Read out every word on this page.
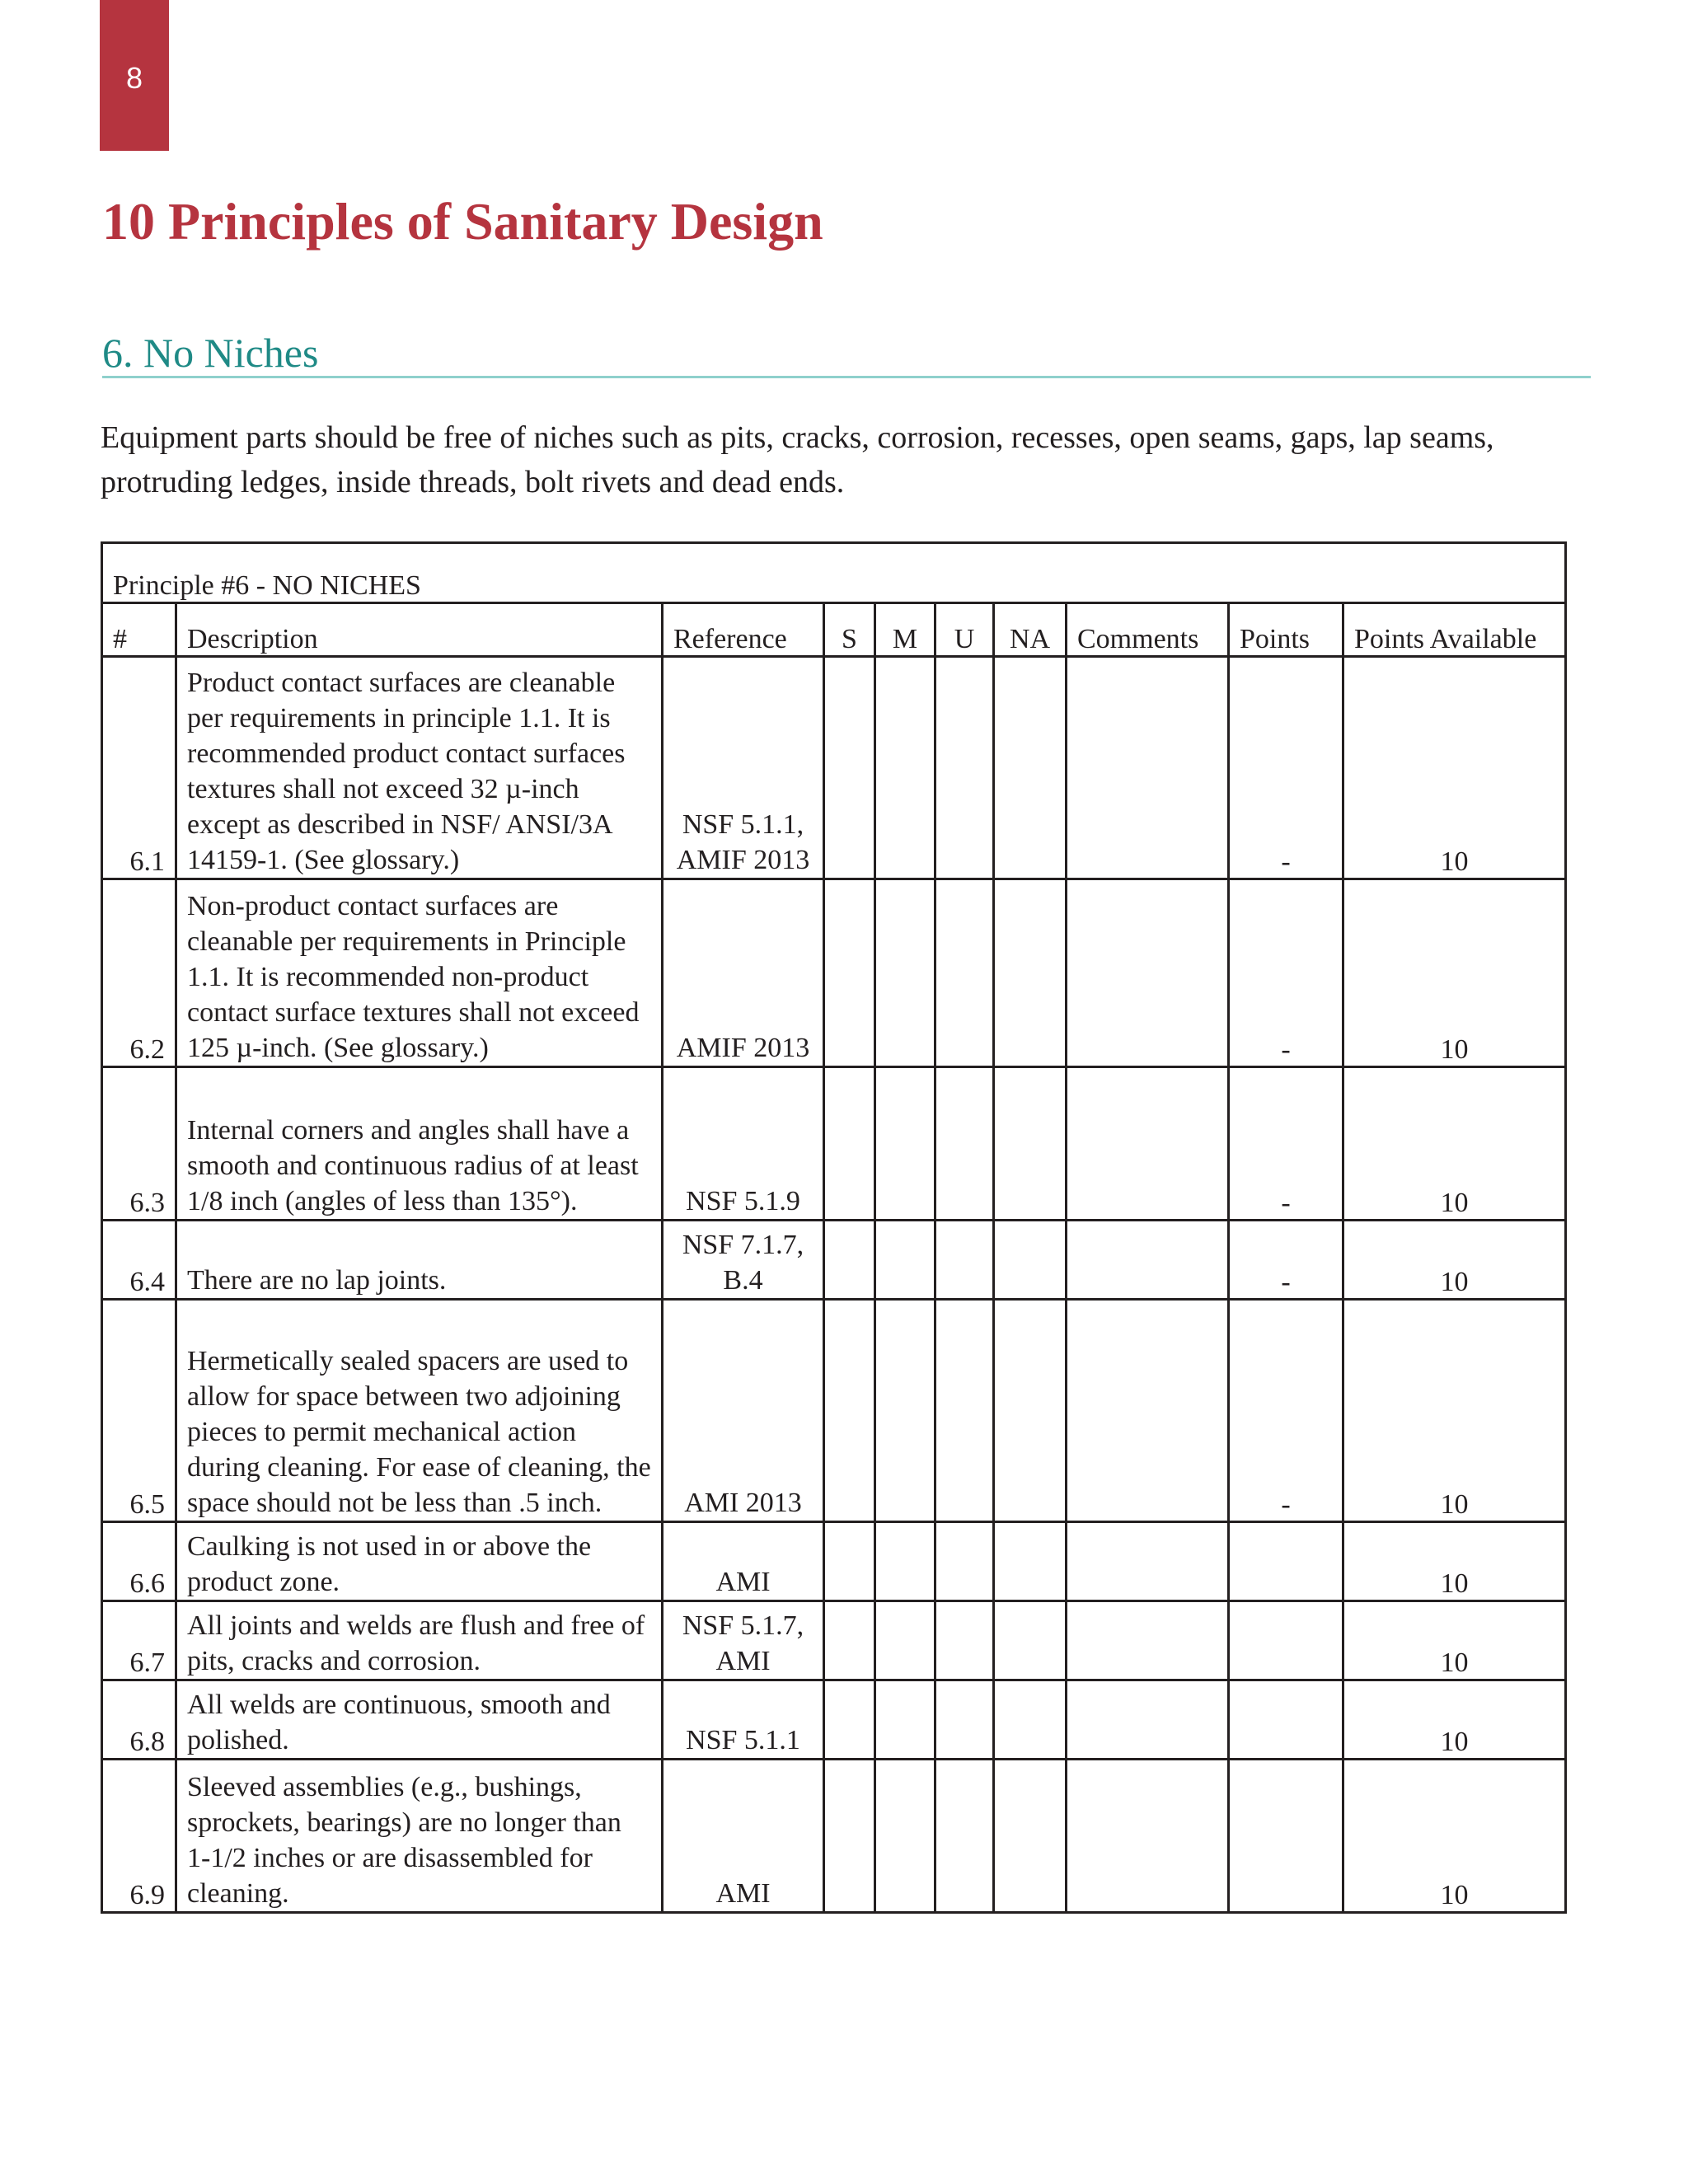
8
10 Principles of Sanitary Design
6. No Niches

Equipment parts should be free of niches such as pits, cracks, corrosion, recesses, open seams, gaps, lap seams, protruding ledges, inside threads, bolt rivets and dead ends.

Principle #6 - NO NICHES									
#	Description	Reference	S	M	U	NA	Comments	Points	Points Available
6.1	Product contact surfaces are cleanable per requirements in principle 1.1. It is recommended product contact surfaces textures shall not exceed 32 µ-inch except as described in NSF/ ANSI/3A 14159-1. (See glossary.)	NSF 5.1.1, AMIF 2013						-	10
6.2	Non-product contact surfaces are cleanable per requirements in Principle 1.1. It is recommended non-product contact surface textures shall not exceed 125 µ-inch. (See glossary.)	AMIF 2013						-	10
6.3	Internal corners and angles shall have a smooth and continuous radius of at least 1/8 inch (angles of less than 135°).	NSF 5.1.9						-	10
6.4	There are no lap joints.	NSF 7.1.7, B.4						-	10
6.5	Hermetically sealed spacers are used to allow for space between two adjoining pieces to permit mechanical action during cleaning. For ease of cleaning, the space should not be less than .5 inch.	AMI 2013						-	10
6.6	Caulking is not used in or above the product zone.	AMI							10
6.7	All joints and welds are flush and free of pits, cracks and corrosion.	NSF 5.1.7, AMI							10
6.8	All welds are continuous, smooth and polished.	NSF 5.1.1							10
6.9	Sleeved assemblies (e.g., bushings, sprockets, bearings) are no longer than 1-1/2 inches or are disassembled for cleaning.	AMI							10
